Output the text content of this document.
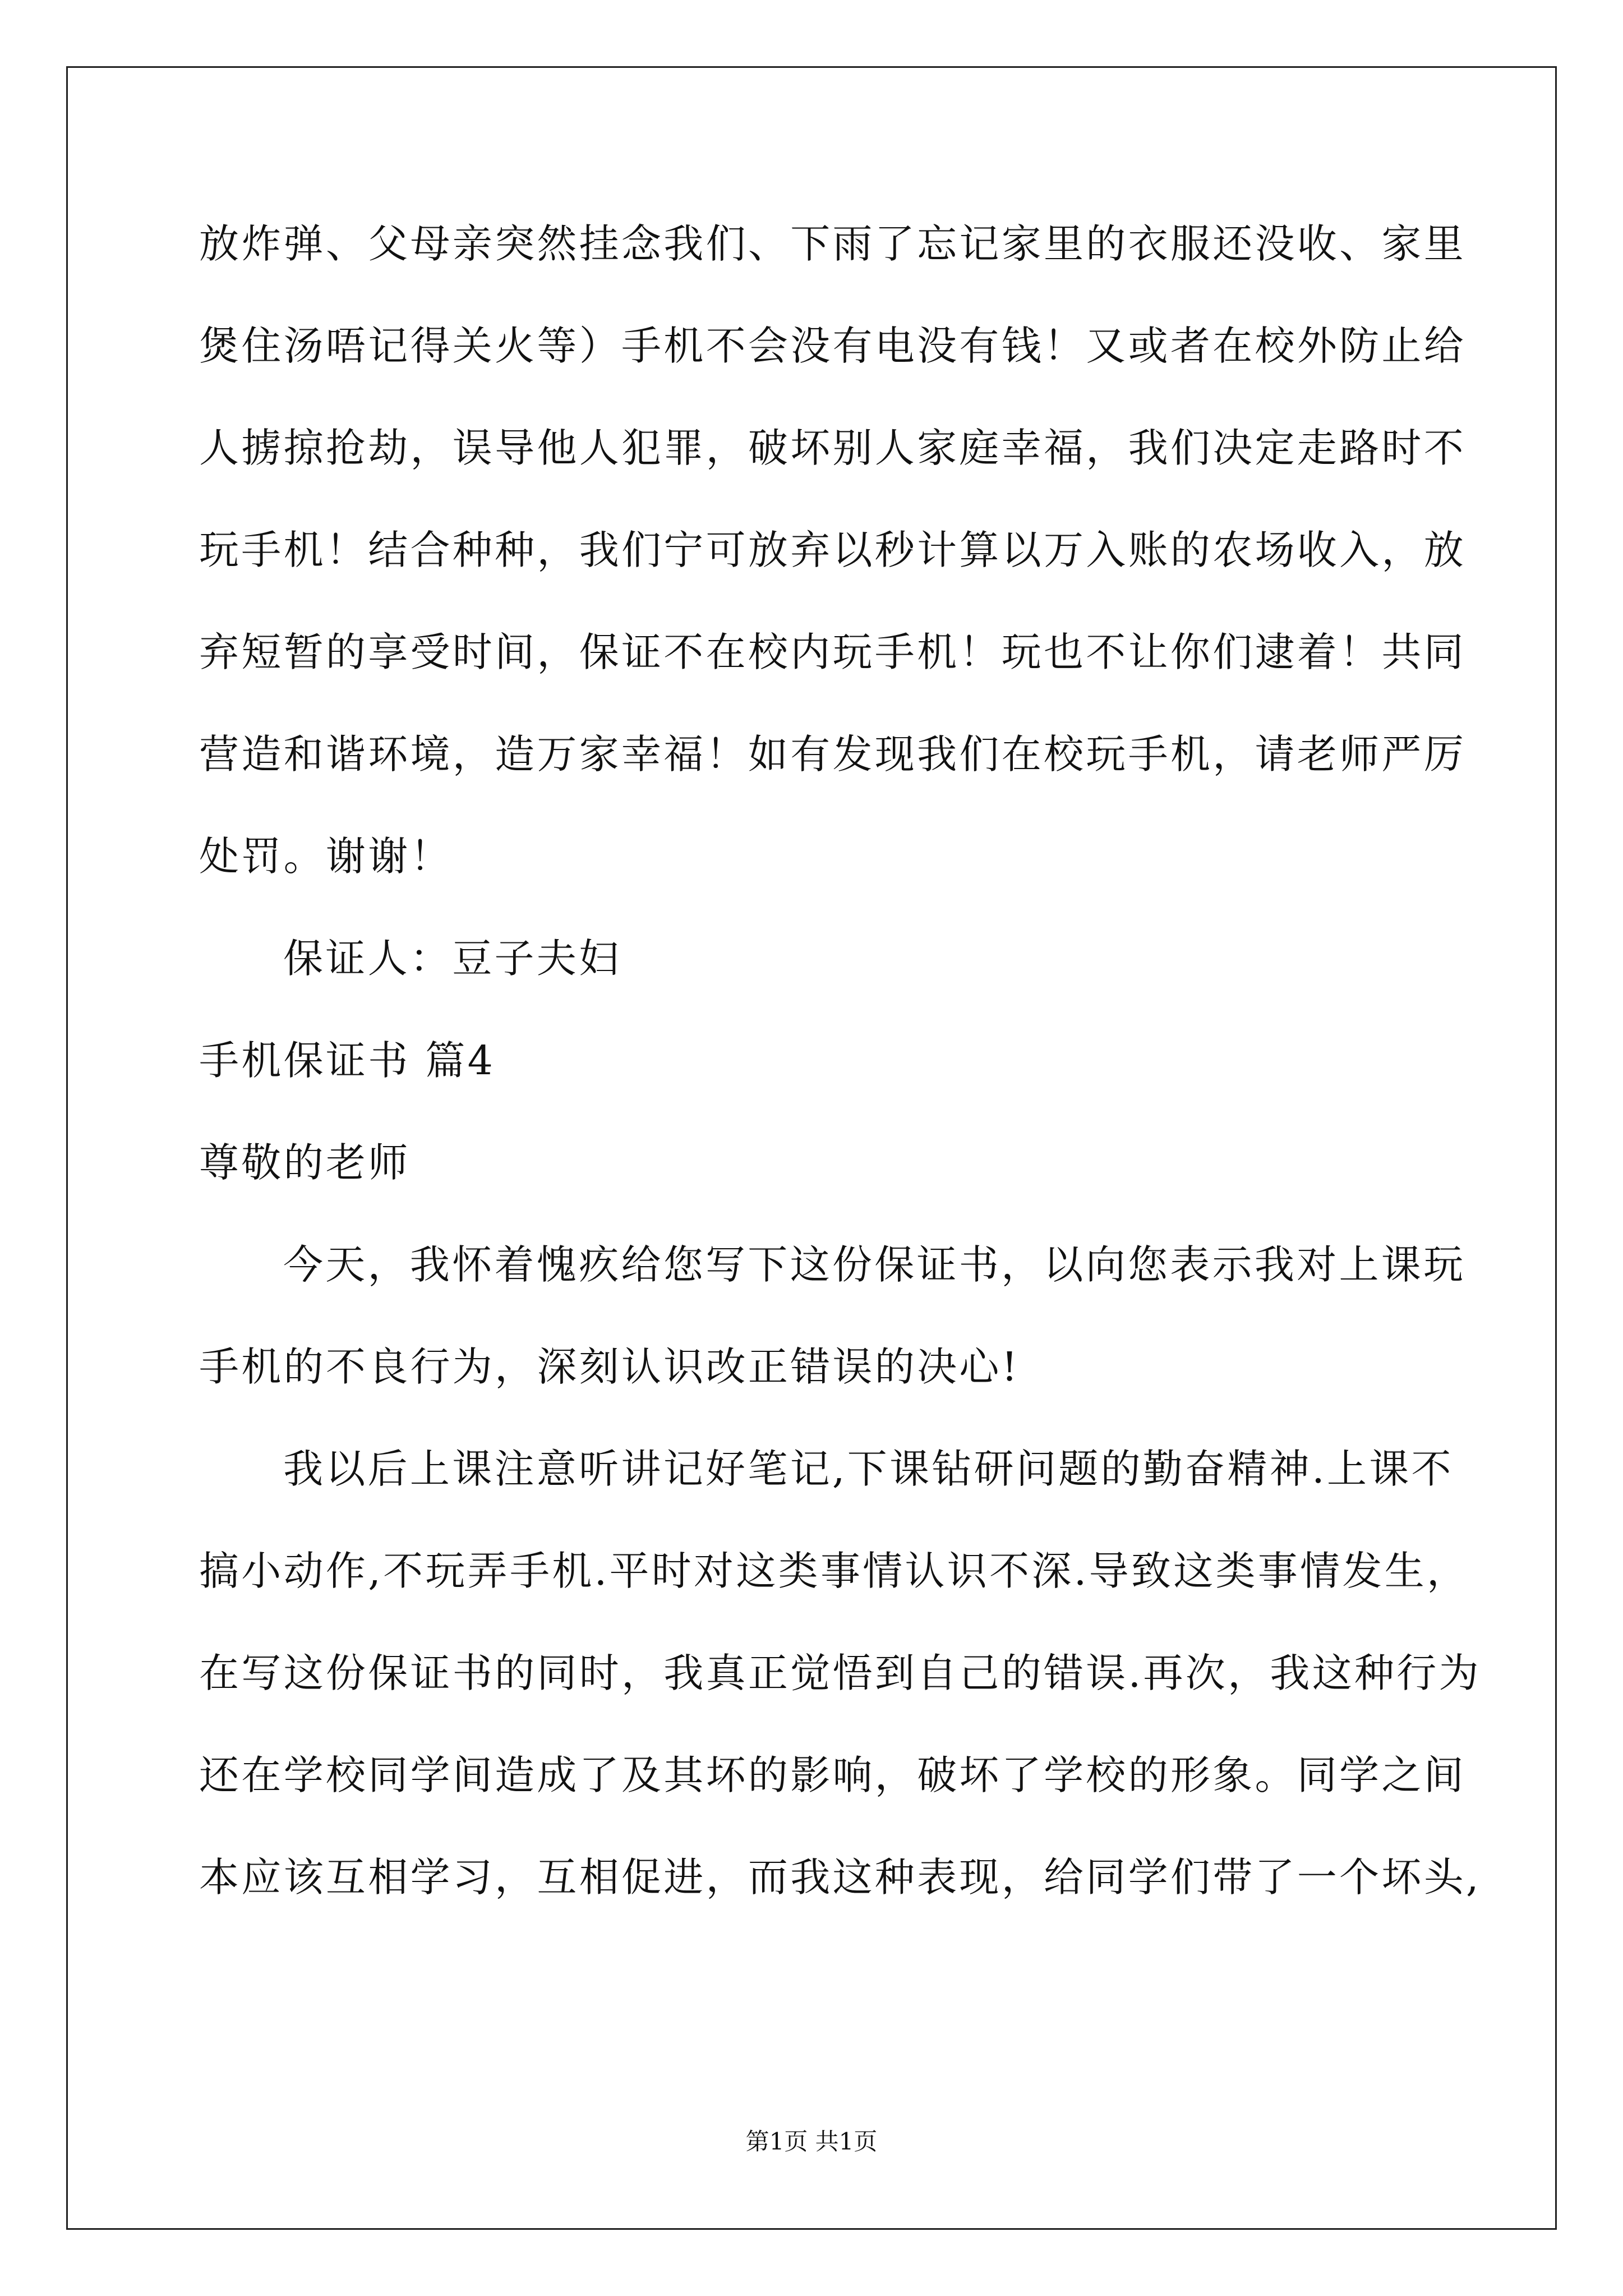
放炸弹、父母亲突然挂念我们、下雨了忘记家里的衣服还没收、家里
煲住汤唔记得关火等）手机不会没有电没有钱！又或者在校外防止给
人掳掠抢劫，误导他人犯罪，破坏别人家庭幸福，我们决定走路时不
玩手机！结合种种，我们宁可放弃以秒计算以万入账的农场收入，放
弃短暂的享受时间，保证不在校内玩手机！玩也不让你们逮着！共同
营造和谐环境，造万家幸福！如有发现我们在校玩手机，请老师严厉
处罚。谢谢！
保证人：豆子夫妇
手机保证书 篇4
尊敬的老师
今天，我怀着愧疚给您写下这份保证书，以向您表示我对上课玩
手机的不良行为，深刻认识改正错误的决心!
我以后上课注意听讲记好笔记,下课钻研问题的勤奋精神.上课不
搞小动作,不玩弄手机.平时对这类事情认识不深.导致这类事情发生，
在写这份保证书的同时，我真正觉悟到自己的错误.再次，我这种行为
还在学校同学间造成了及其坏的影响，破坏了学校的形象。同学之间
本应该互相学习，互相促进，而我这种表现，给同学们带了一个坏头,
第1页 共1页
